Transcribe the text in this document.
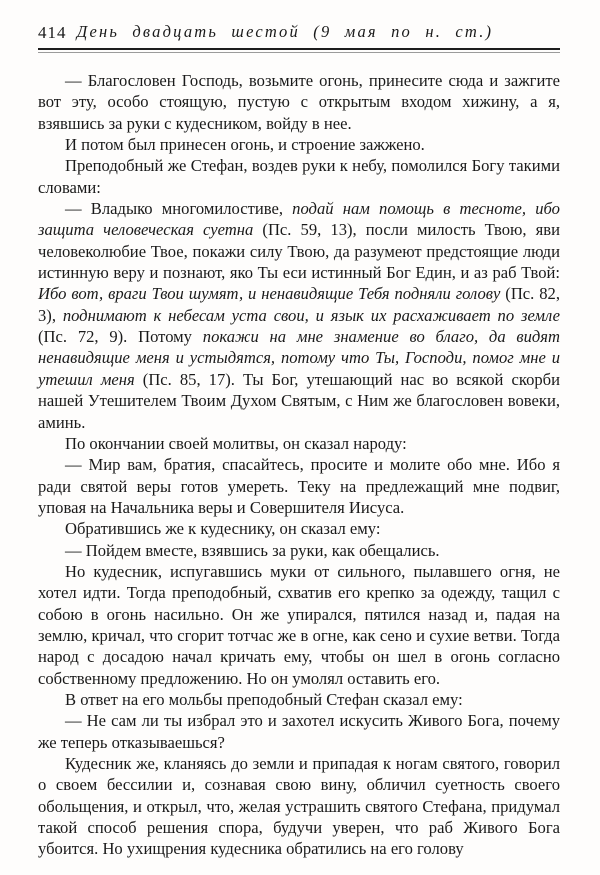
414 День двадцать шестой (9 мая по н. ст.)

— Благословен Господь, возьмите огонь, принесите сюда и зажгите вот эту, особо стоящую, пустую с открытым входом хижину, а я, взявшись за руки с кудесником, войду в нее.

И потом был принесен огонь, и строение зажжено.

Преподобный же Стефан, воздев руки к небу, помолился Богу такими словами:

— Владыко многомилостиве, подай нам помощь в тесноте, ибо защита человеческая суетна (Пс. 59, 13), посли милость Твою, яви человеколюбие Твое, покажи силу Твою, да разумеют предстоящие люди истинную веру и познают, яко Ты еси истинный Бог Един, и аз раб Твой: Ибо вот, враги Твои шумят, и ненавидящие Тебя подняли голову (Пс. 82, 3), поднимают к небесам уста свои, и язык их расхаживает по земле (Пс. 72, 9). Потому покажи на мне знамение во благо, да видят ненавидящие меня и устыдятся, потому что Ты, Господи, помог мне и утешил меня (Пс. 85, 17). Ты Бог, утешающий нас во всякой скорби нашей Утешителем Твоим Духом Святым, с Ним же благословен вовеки, аминь.

По окончании своей молитвы, он сказал народу:

— Мир вам, братия, спасайтесь, просите и молите обо мне. Ибо я ради святой веры готов умереть. Теку на предлежащий мне подвиг, уповая на Начальника веры и Совершителя Иисуса.

Обратившись же к кудеснику, он сказал ему:

— Пойдем вместе, взявшись за руки, как обещались.

Но кудесник, испугавшись муки от сильного, пылавшего огня, не хотел идти. Тогда преподобный, схватив его крепко за одежду, тащил с собою в огонь насильно. Он же упирался, пятился назад и, падая на землю, кричал, что сгорит тотчас же в огне, как сено и сухие ветви. Тогда народ с досадою начал кричать ему, чтобы он шел в огонь согласно собственному предложению. Но он умолял оставить его.

В ответ на его мольбы преподобный Стефан сказал ему:

— Не сам ли ты избрал это и захотел искусить Живого Бога, почему же теперь отказываешься?

Кудесник же, кланяясь до земли и припадая к ногам святого, говорил о своем бессилии и, сознавая свою вину, обличил суетность своего обольщения, и открыл, что, желая устрашить святого Стефана, придумал такой способ решения спора, будучи уверен, что раб Живого Бога убоится. Но ухищрения кудесника обратились на его голову
